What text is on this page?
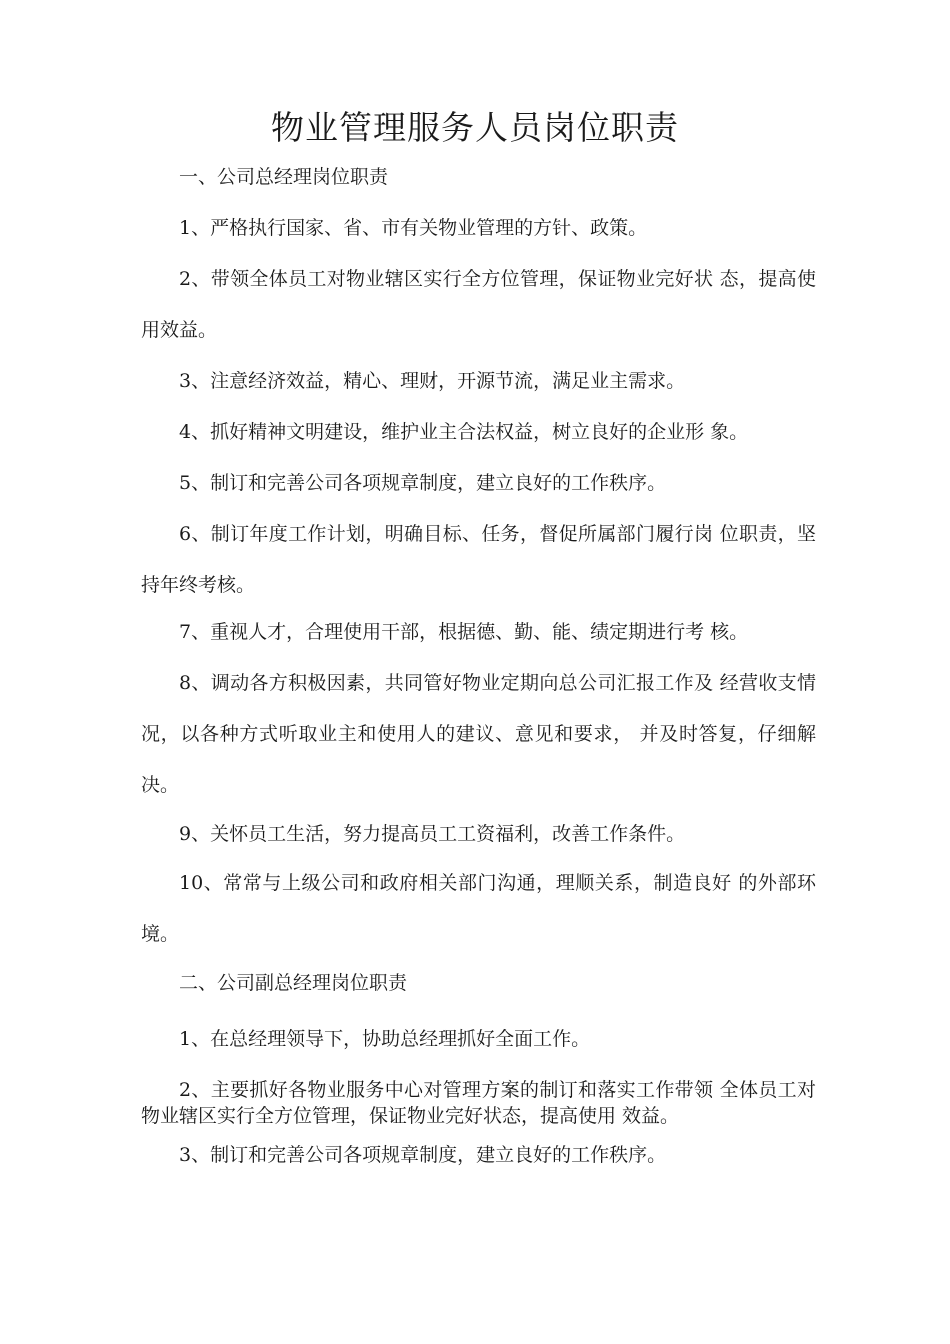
物业管理服务人员岗位职责

一、公司总经理岗位职责

1、严格执行国家、省、市有关物业管理的方针、政策。

2、带领全体员工对物业辖区实行全方位管理，保证物业完好状 态，提高使用效益。

3、注意经济效益，精心、理财，开源节流，满足业主需求。

4、抓好精神文明建设，维护业主合法权益，树立良好的企业形 象。

5、制订和完善公司各项规章制度，建立良好的工作秩序。

6、制订年度工作计划，明确目标、任务，督促所属部门履行岗 位职责，坚持年终考核。

7、重视人才，合理使用干部，根据德、勤、能、绩定期进行考 核。

8、调动各方积极因素，共同管好物业定期向总公司汇报工作及 经营收支情况，以各种方式听取业主和使用人的建议、意见和要求， 并及时答复，仔细解决。

9、关怀员工生活，努力提高员工工资福利，改善工作条件。

10、常常与上级公司和政府相关部门沟通，理顺关系，制造良好 的外部环境。

二、公司副总经理岗位职责

1、在总经理领导下，协助总经理抓好全面工作。

2、主要抓好各物业服务中心对管理方案的制订和落实工作带领 全体员工对物业辖区实行全方位管理，保证物业完好状态，提高使用 效益。

3、制订和完善公司各项规章制度，建立良好的工作秩序。
